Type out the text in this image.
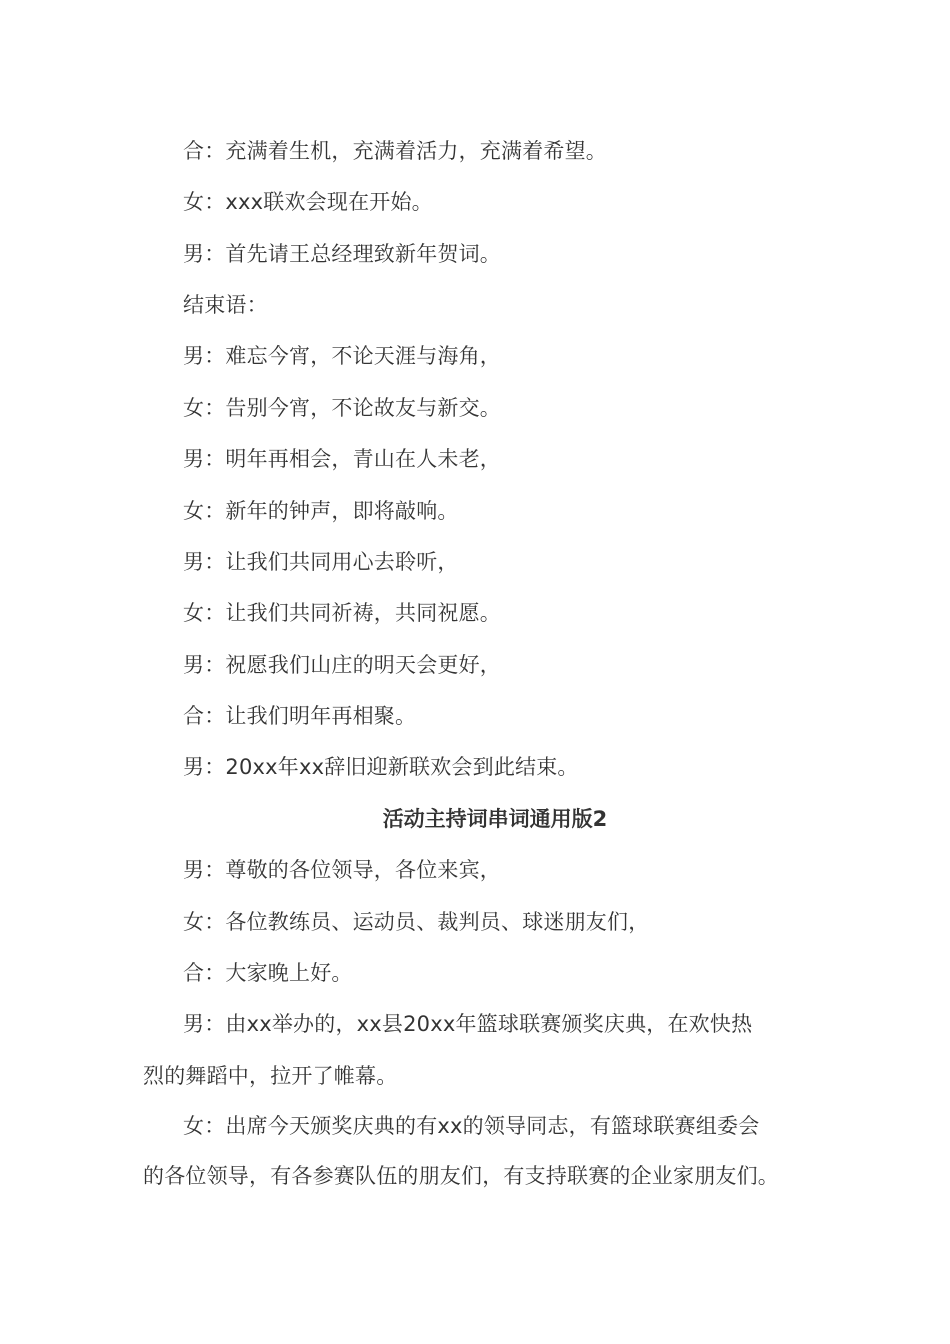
合：充满着生机，充满着活力，充满着希望。
女：xxx联欢会现在开始。
男：首先请王总经理致新年贺词。
结束语：
男：难忘今宵，不论天涯与海角，
女：告别今宵，不论故友与新交。
男：明年再相会，青山在人未老，
女：新年的钟声，即将敲响。
男：让我们共同用心去聆听，
女：让我们共同祈祷，共同祝愿。
男：祝愿我们山庄的明天会更好，
合：让我们明年再相聚。
男：20xx年xx辞旧迎新联欢会到此结束。
活动主持词串词通用版2
男：尊敬的各位领导，各位来宾，
女：各位教练员、运动员、裁判员、球迷朋友们，
合：大家晚上好。
男：由xx举办的，xx县20xx年篮球联赛颁奖庆典，在欢快热
烈的舞蹈中，拉开了帷幕。
女：出席今天颁奖庆典的有xx的领导同志，有篮球联赛组委会
的各位领导，有各参赛队伍的朋友们，有支持联赛的企业家朋友们。
